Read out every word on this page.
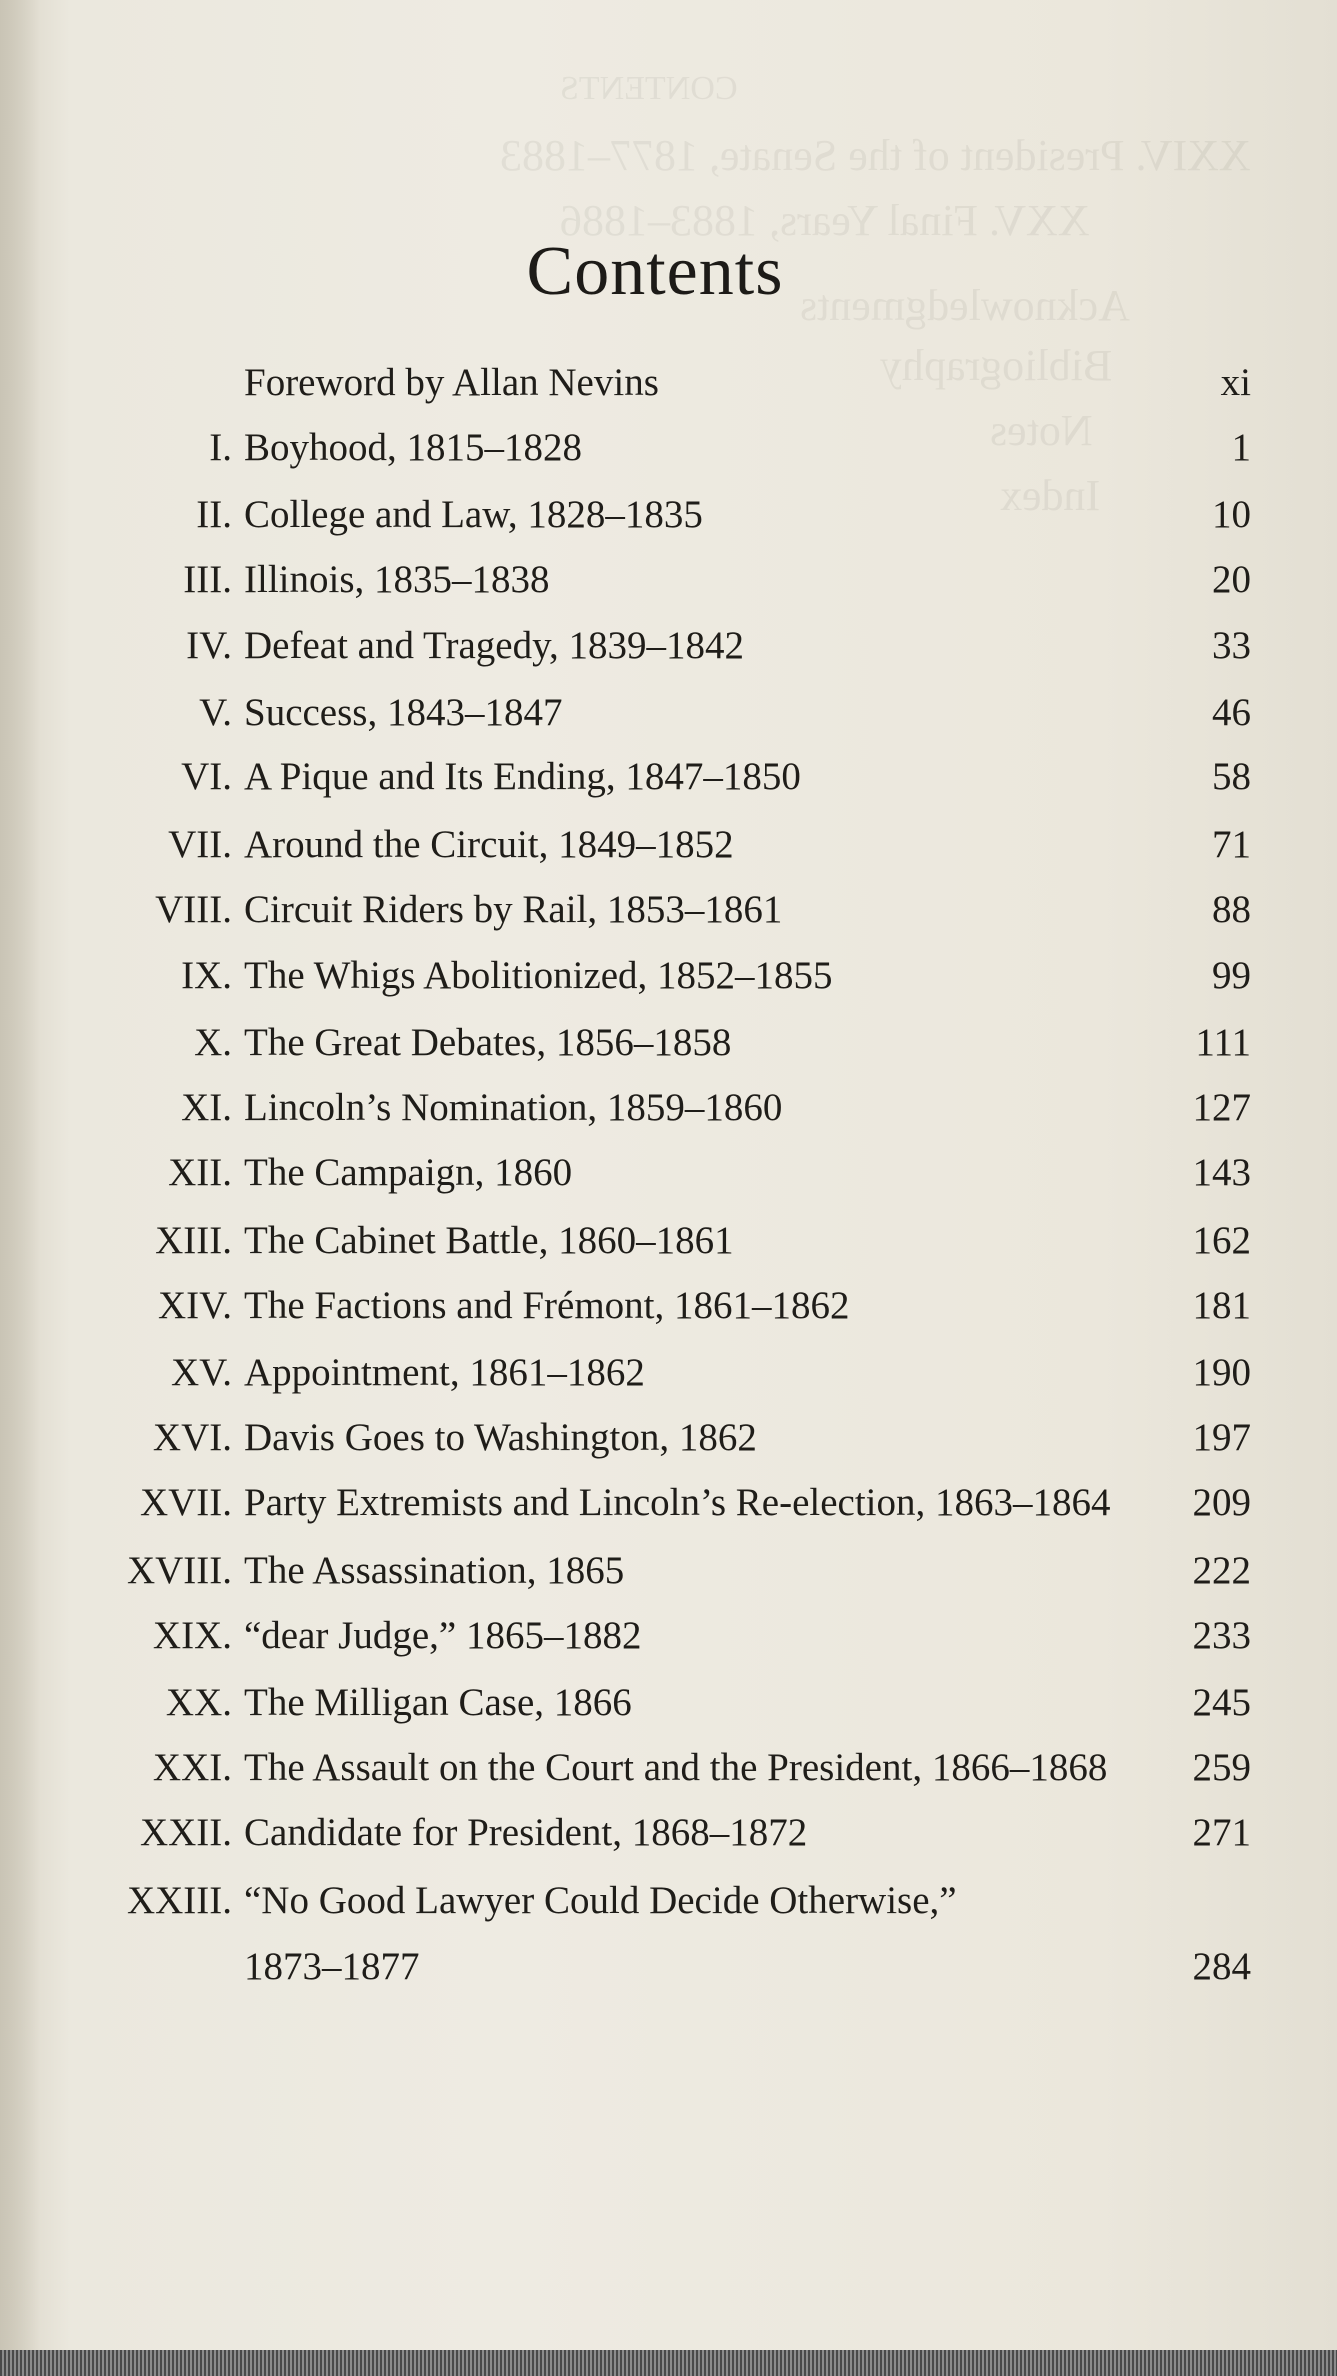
CONTENTS
XXIV. President of the Senate, 1877–1883
XXV. Final Years, 1883–1886
Acknowledgments
Bibliography
Notes
Index
Contents
Foreword by Allan Nevins	xi
I. Boyhood, 1815–1828	1
II. College and Law, 1828–1835	10
III. Illinois, 1835–1838	20
IV. Defeat and Tragedy, 1839–1842	33
V. Success, 1843–1847	46
VI. A Pique and Its Ending, 1847–1850	58
VII. Around the Circuit, 1849–1852	71
VIII. Circuit Riders by Rail, 1853–1861	88
IX. The Whigs Abolitionized, 1852–1855	99
X. The Great Debates, 1856–1858	111
XI. Lincoln’s Nomination, 1859–1860	127
XII. The Campaign, 1860	143
XIII. The Cabinet Battle, 1860–1861	162
XIV. The Factions and Frémont, 1861–1862	181
XV. Appointment, 1861–1862	190
XVI. Davis Goes to Washington, 1862	197
XVII. Party Extremists and Lincoln’s Re-election, 1863–1864 209
XVIII. The Assassination, 1865	222
XIX. “dear Judge,” 1865–1882	233
XX. The Milligan Case, 1866	245
XXI. The Assault on the Court and the President, 1866–1868 259
XXII. Candidate for President, 1868–1872	271
XXIII. “No Good Lawyer Could Decide Otherwise,”
1873–1877	284
